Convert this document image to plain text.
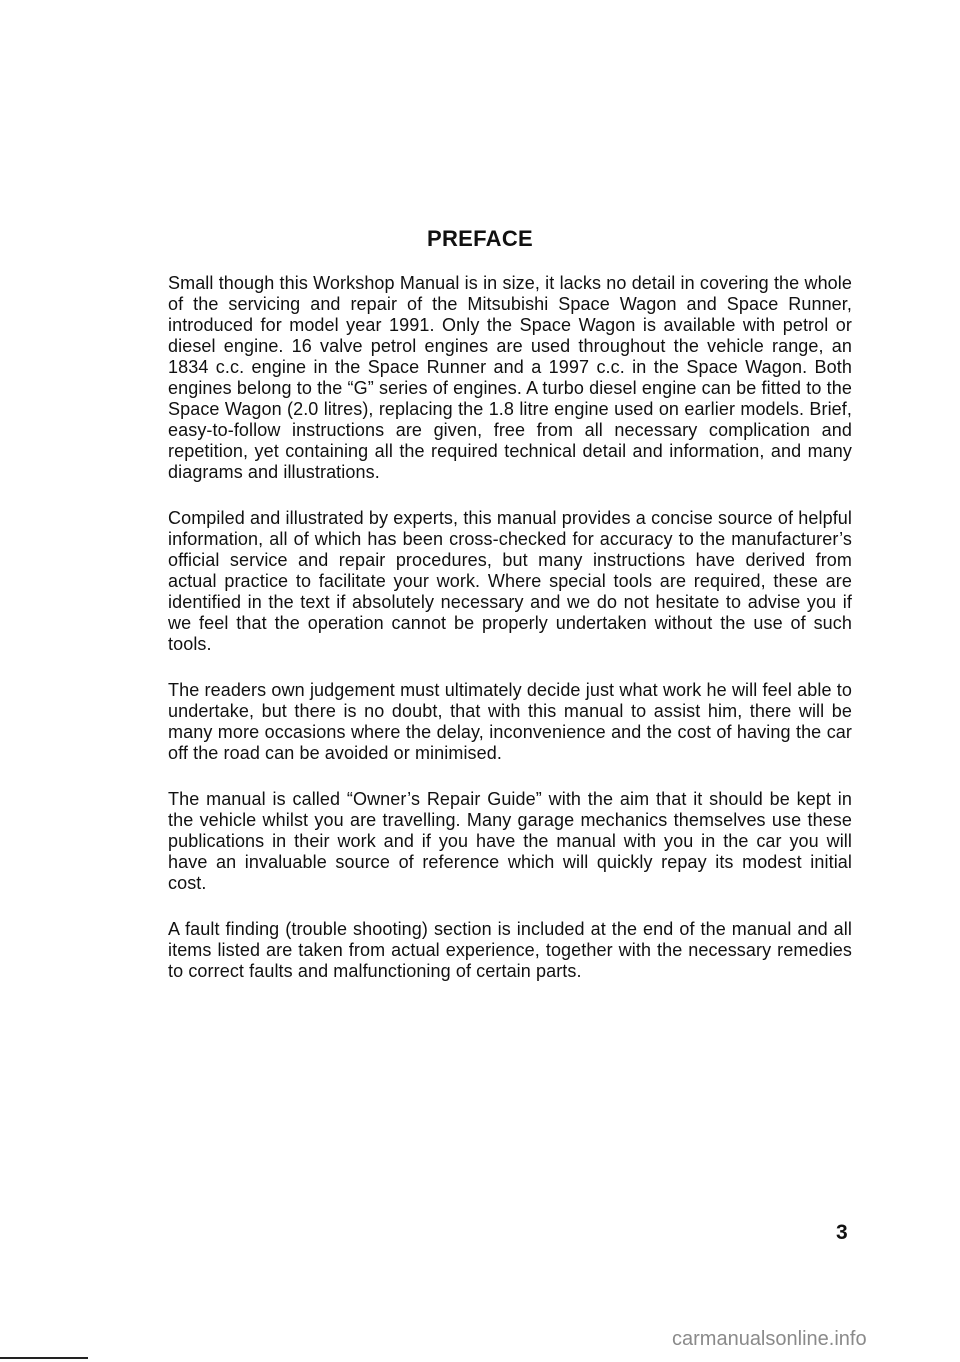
PREFACE

Small though this Workshop Manual is in size, it lacks no detail in covering the whole of the servicing and repair of the Mitsubishi Space Wagon and Space Runner, introduced for model year 1991. Only the Space Wagon is available with petrol or diesel engine. 16 valve petrol engines are used throughout the vehicle range, an 1834 c.c. engine in the Space Runner and a 1997 c.c. in the Space Wagon. Both engines belong to the “G” series of engines. A turbo diesel engine can be fitted to the Space Wagon (2.0 litres), replacing the 1.8 litre engine used on earlier models. Brief, easy-to-follow instructions are given, free from all necessary complication and repetition, yet containing all the required technical detail and information, and many diagrams and illustrations.

Compiled and illustrated by experts, this manual provides a concise source of helpful information, all of which has been cross-checked for accuracy to the manufacturer’s official service and repair procedures, but many instructions have derived from actual practice to facilitate your work. Where special tools are required, these are identified in the text if absolutely necessary and we do not hesitate to advise you if we feel that the operation cannot be properly undertaken without the use of such tools.

The readers own judgement must ultimately decide just what work he will feel able to undertake, but there is no doubt, that with this manual to assist him, there will be many more occasions where the delay, inconvenience and the cost of having the car off the road can be avoided or minimised.

The manual is called “Owner’s Repair Guide” with the aim that it should be kept in the vehicle whilst you are travelling. Many garage mechanics themselves use these publications in their work and if you have the manual with you in the car you will have an invaluable source of reference which will quickly repay its modest initial cost.

A fault finding (trouble shooting) section is included at the end of the manual and all items listed are taken from actual experience, together with the necessary remedies to correct faults and malfunctioning of certain parts.

3
carmanualsonline.info
